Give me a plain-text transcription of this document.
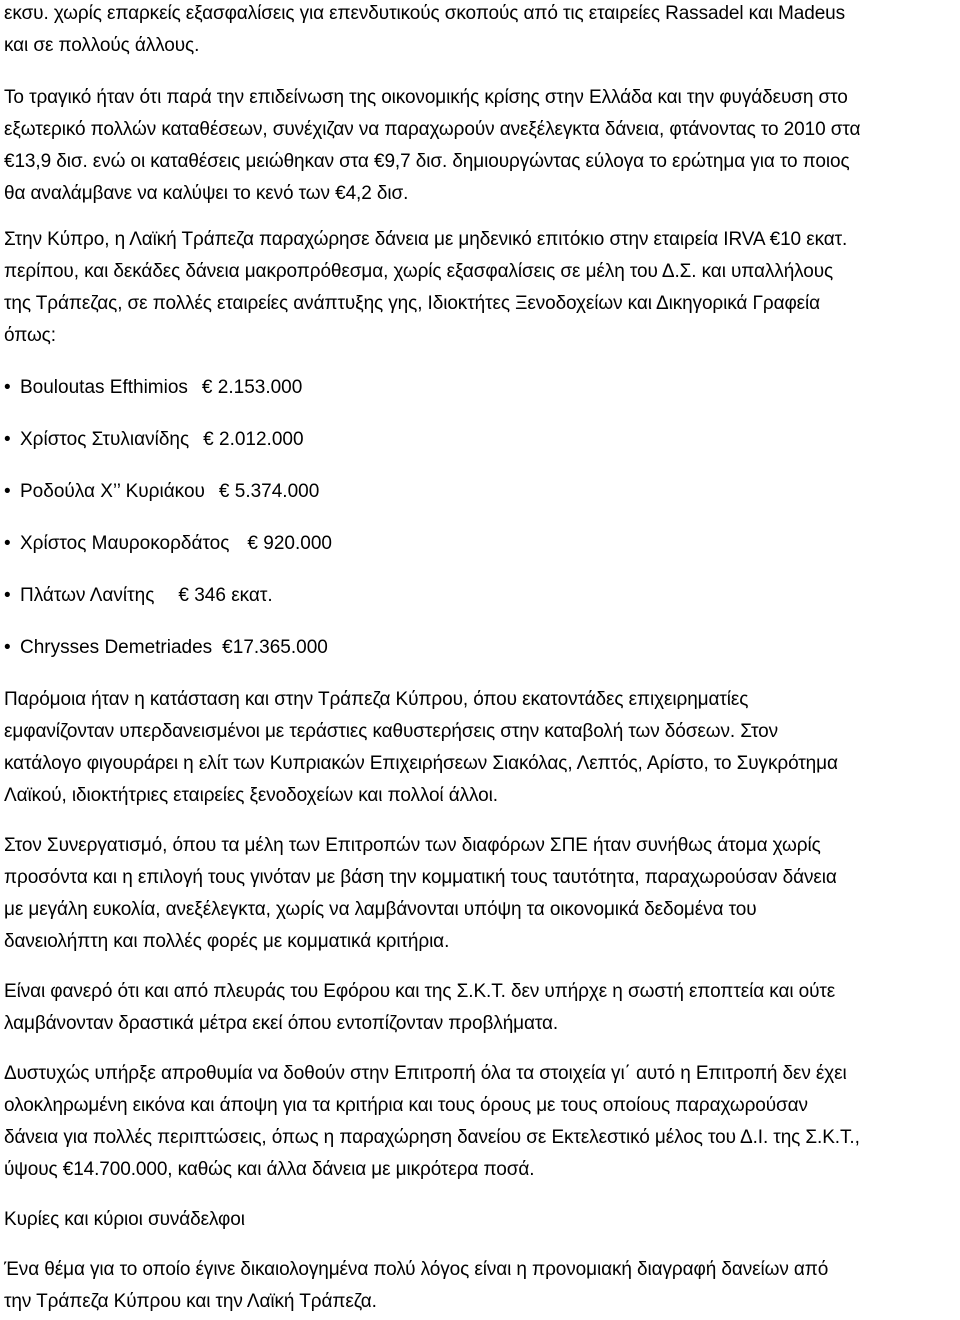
εκσυ. χωρίς επαρκείς εξασφαλίσεις για επενδυτικούς σκοπούς από τις εταιρείες Rassadel και Madeus
και σε πολλούς άλλους.
Το τραγικό ήταν ότι παρά την επιδείνωση της οικονομικής κρίσης στην Ελλάδα και την φυγάδευση στο
εξωτερικό πολλών καταθέσεων, συνέχιζαν να παραχωρούν ανεξέλεγκτα δάνεια, φτάνοντας το 2010 στα
€13,9 δισ. ενώ οι καταθέσεις μειώθηκαν στα €9,7 δισ. δημιουργώντας εύλογα το ερώτημα για το ποιος
θα αναλάμβανε να καλύψει το κενό των €4,2 δισ.
Στην Κύπρο, η Λαϊκή Τράπεζα παραχώρησε δάνεια με μηδενικό επιτόκιο στην εταιρεία IRVA €10 εκατ.
περίπου, και δεκάδες δάνεια μακροπρόθεσμα, χωρίς εξασφαλίσεις σε μέλη του Δ.Σ. και υπαλλήλους
της Τράπεζας, σε πολλές εταιρείες ανάπτυξης γης, Ιδιοκτήτες Ξενοδοχείων και Δικηγορικά Γραφεία
όπως:
• Bouloutas Efthimios € 2.153.000
• Χρίστος Στυλιανίδης € 2.012.000
• Ροδούλα Χ’’ Κυριάκου € 5.374.000
• Χρίστος Μαυροκορδάτος € 920.000
• Πλάτων Λανίτης € 346 εκατ.
• Chrysses Demetriades €17.365.000
Παρόμοια ήταν η κατάσταση και στην Τράπεζα Κύπρου, όπου εκατοντάδες επιχειρηματίες
εμφανίζονταν υπερδανεισμένοι με τεράστιες καθυστερήσεις στην καταβολή των δόσεων. Στον
κατάλογο φιγουράρει η ελίτ των Κυπριακών Επιχειρήσεων Σιακόλας, Λεπτός, Αρίστο, το Συγκρότημα
Λαϊκού, ιδιοκτήτριες εταιρείες ξενοδοχείων και πολλοί άλλοι.
Στον Συνεργατισμό, όπου τα μέλη των Επιτροπών των διαφόρων ΣΠΕ ήταν συνήθως άτομα χωρίς
προσόντα και η επιλογή τους γινόταν με βάση την κομματική τους ταυτότητα, παραχωρούσαν δάνεια
με μεγάλη ευκολία, ανεξέλεγκτα, χωρίς να λαμβάνονται υπόψη τα οικονομικά δεδομένα του
δανειολήπτη και πολλές φορές με κομματικά κριτήρια.
Είναι φανερό ότι και από πλευράς του Εφόρου και της Σ.Κ.Τ. δεν υπήρχε η σωστή εποπτεία και ούτε
λαμβάνονταν δραστικά μέτρα εκεί όπου εντοπίζονταν προβλήματα.
Δυστυχώς υπήρξε απροθυμία να δοθούν στην Επιτροπή όλα τα στοιχεία γι΄ αυτό η Επιτροπή δεν έχει
ολοκληρωμένη εικόνα και άποψη για τα κριτήρια και τους όρους με τους οποίους παραχωρούσαν
δάνεια για πολλές περιπτώσεις, όπως η παραχώρηση δανείου σε Εκτελεστικό μέλος του Δ.Ι. της Σ.Κ.Τ.,
ύψους €14.700.000, καθώς και άλλα δάνεια με μικρότερα ποσά.
Κυρίες και κύριοι συνάδελφοι
Ένα θέμα για το οποίο έγινε δικαιολογημένα πολύ λόγος είναι η προνομιακή διαγραφή δανείων από
την Τράπεζα Κύπρου και την Λαϊκή Τράπεζα.
